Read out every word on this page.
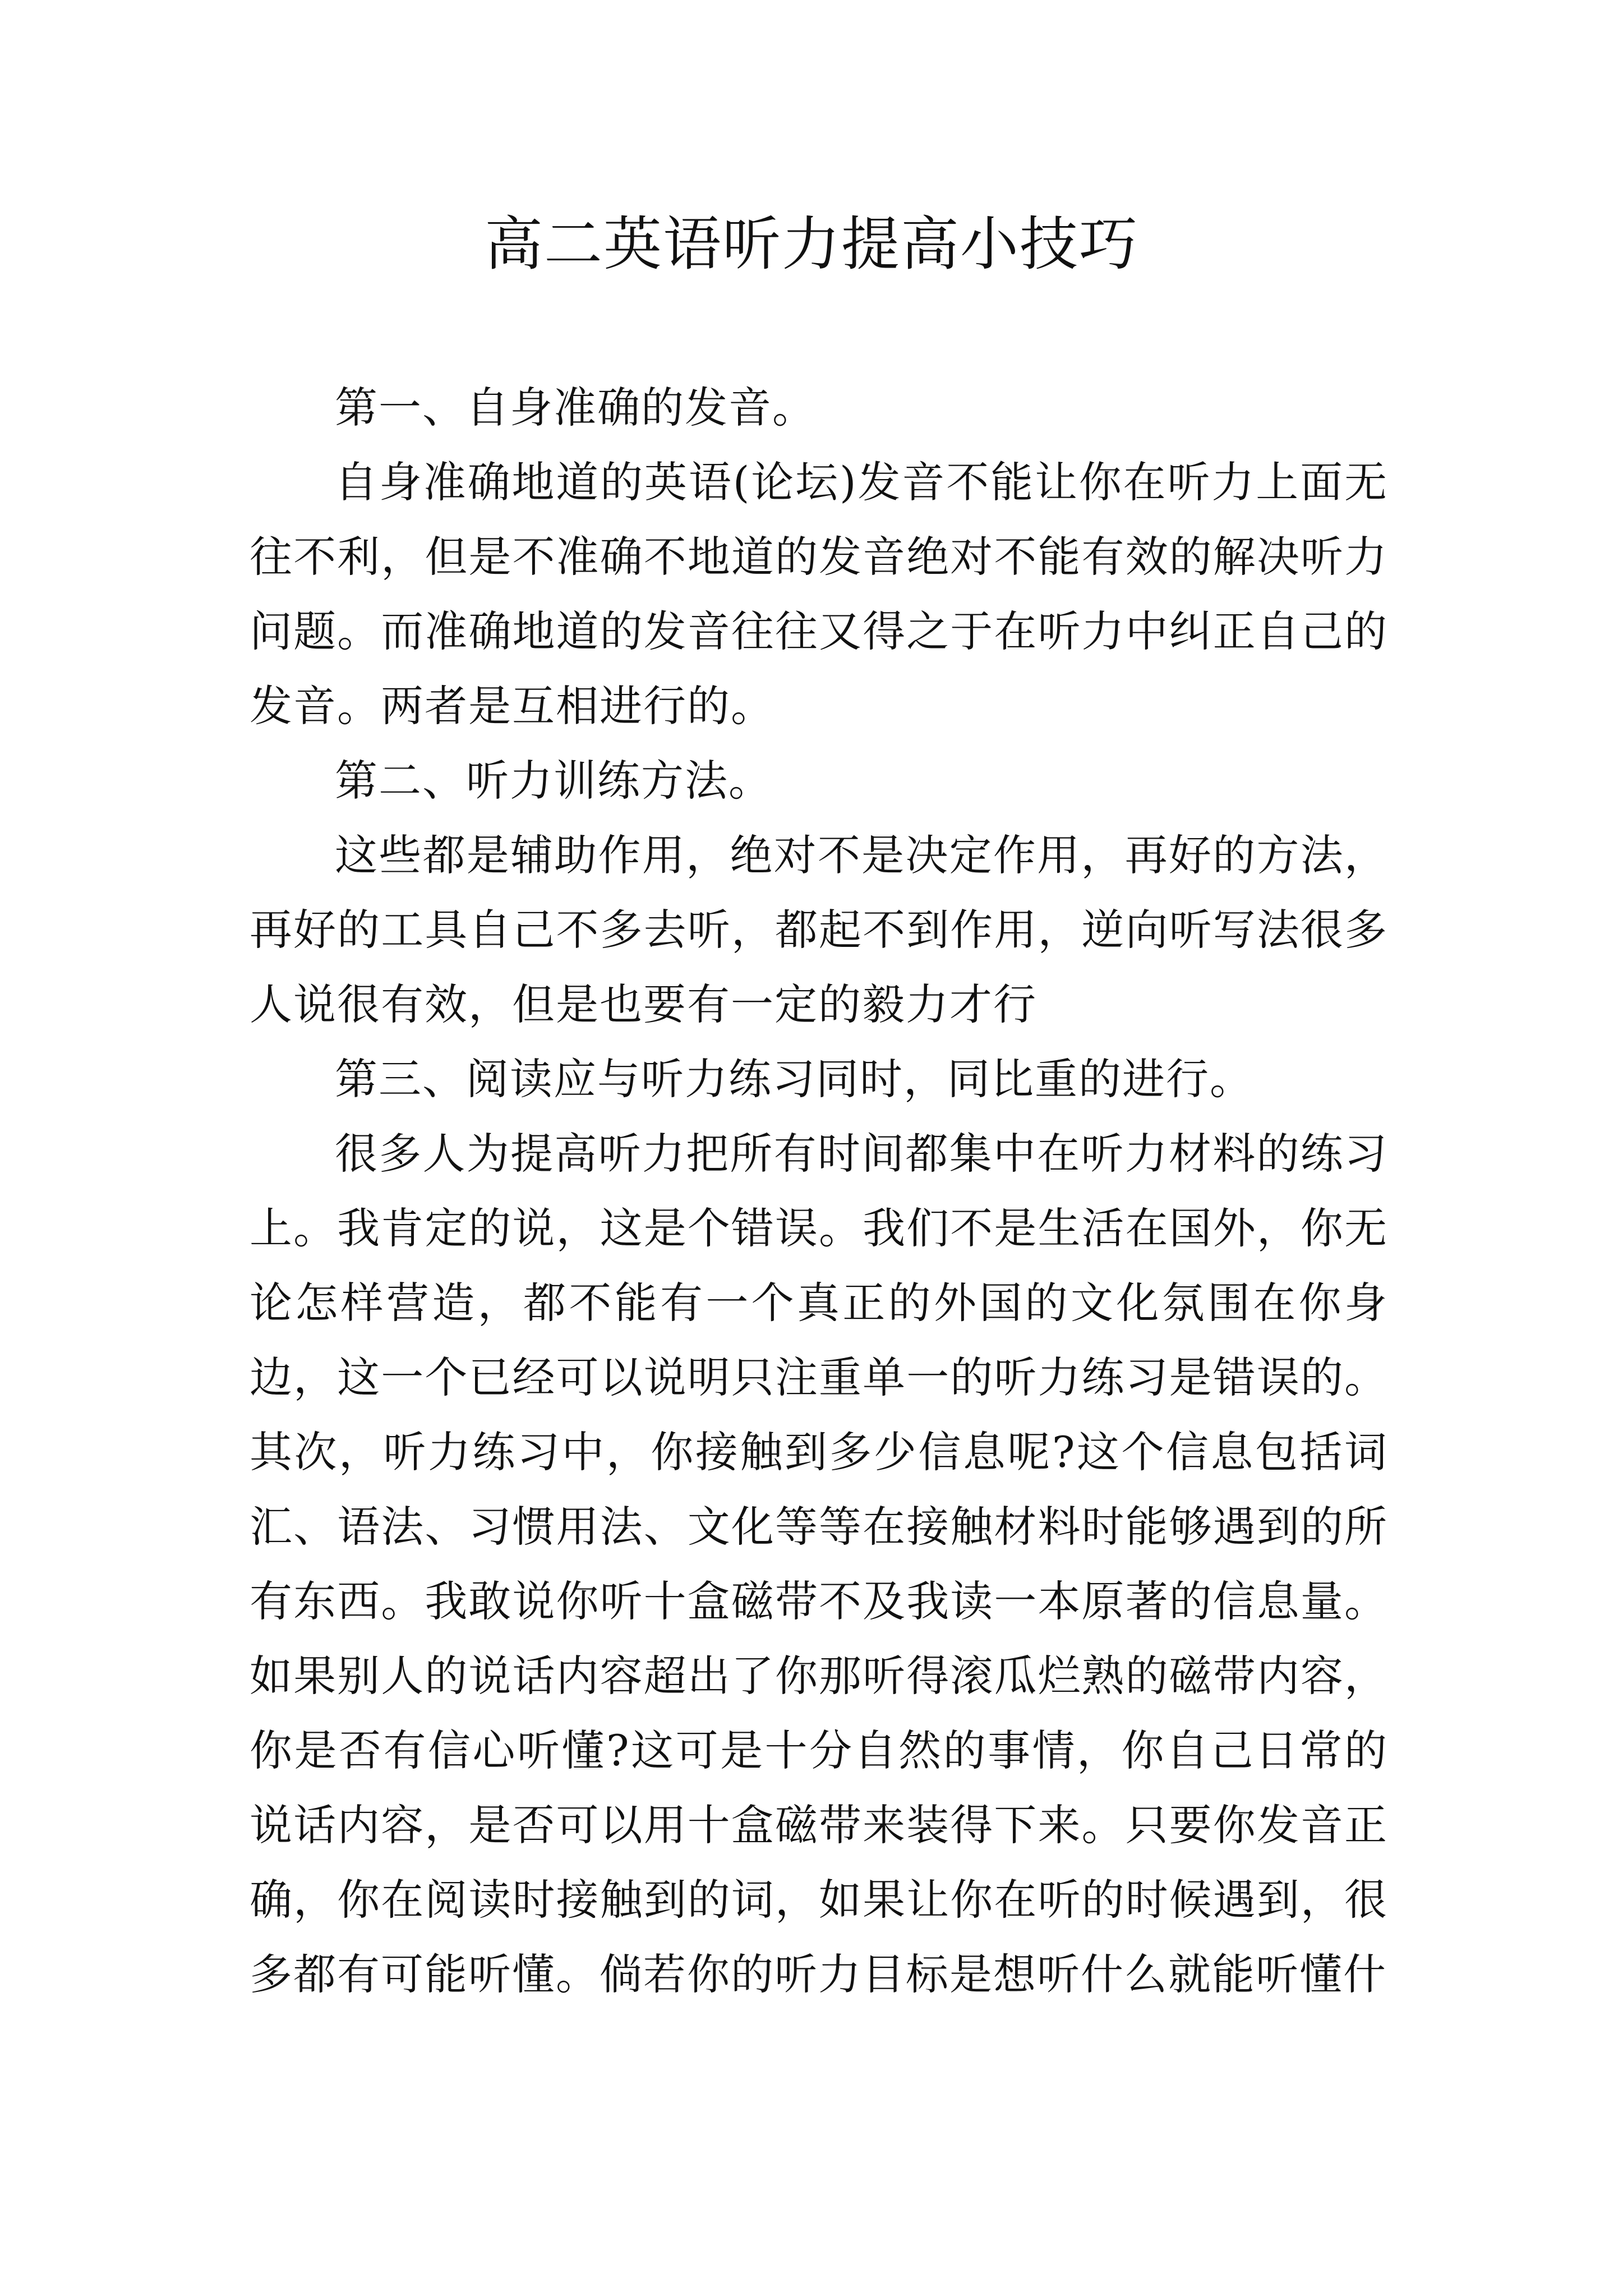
高二英语听力提高小技巧

第一、自身准确的发音。

自身准确地道的英语(论坛)发音不能让你在听力上面无往不利，但是不准确不地道的发音绝对不能有效的解决听力问题。而准确地道的发音往往又得之于在听力中纠正自己的发音。两者是互相进行的。

第二、听力训练方法。

这些都是辅助作用，绝对不是决定作用，再好的方法，再好的工具自己不多去听，都起不到作用，逆向听写法很多人说很有效，但是也要有一定的毅力才行

第三、阅读应与听力练习同时，同比重的进行。

很多人为提高听力把所有时间都集中在听力材料的练习上。我肯定的说，这是个错误。我们不是生活在国外，你无论怎样营造，都不能有一个真正的外国的文化氛围在你身边，这一个已经可以说明只注重单一的听力练习是错误的。其次，听力练习中，你接触到多少信息呢?这个信息包括词汇、语法、习惯用法、文化等等在接触材料时能够遇到的所有东西。我敢说你听十盒磁带不及我读一本原著的信息量。如果别人的说话内容超出了你那听得滚瓜烂熟的磁带内容，你是否有信心听懂?这可是十分自然的事情，你自己日常的说话内容，是否可以用十盒磁带来装得下来。只要你发音正确，你在阅读时接触到的词，如果让你在听的时候遇到，很多都有可能听懂。倘若你的听力目标是想听什么就能听懂什
